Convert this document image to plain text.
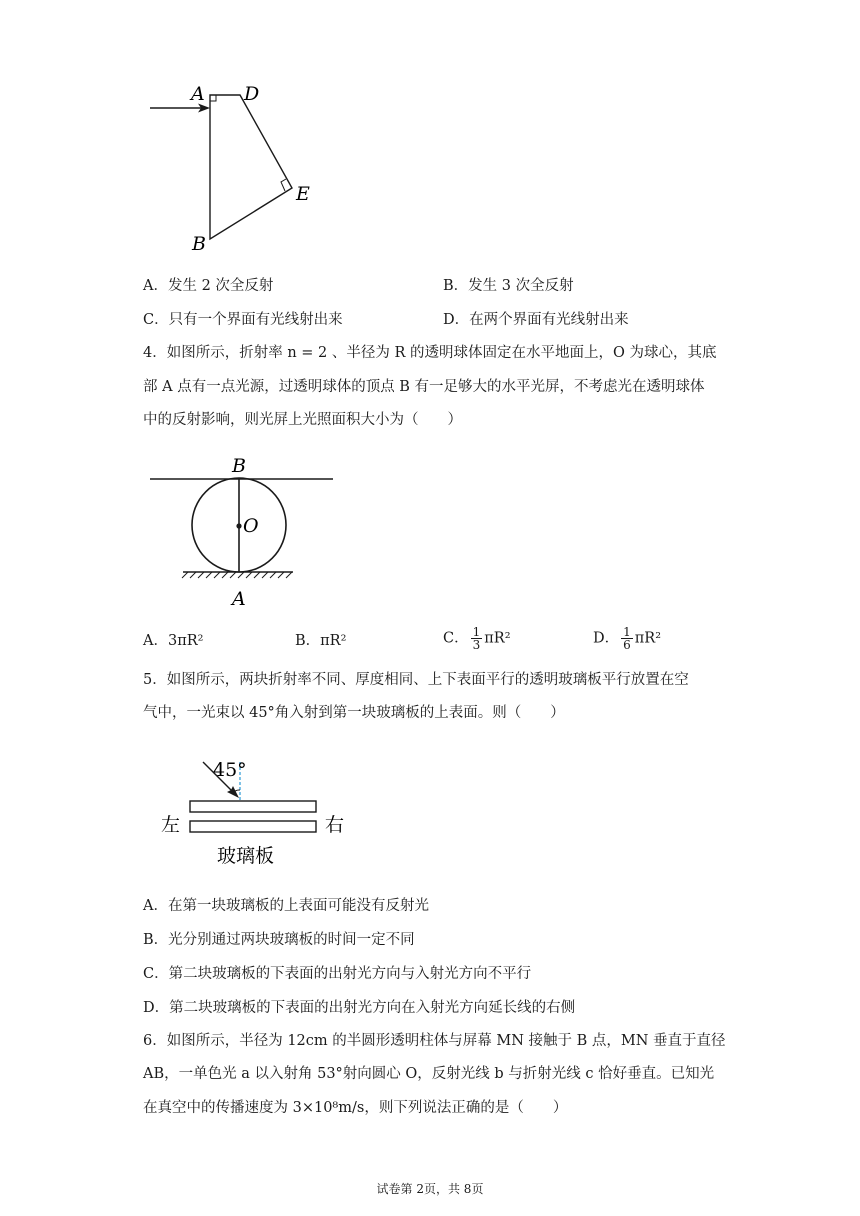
A D
E
B
A．发生 2 次全反射	B．发生 3 次全反射
C．只有一个界面有光线射出来	D．在两个界面有光线射出来
4．如图所示，折射率 n = 2 、半径为 R 的透明球体固定在水平地面上，O 为球心，其底
部 A 点有一点光源，过透明球体的顶点 B 有一足够大的水平光屏，不考虑光在透明球体
中的反射影响，则光屏上光照面积大小为（　　）
B
O
A
A．3πR²	B．πR²	C． $\frac{1}{3} \pi R^2$	D． $\frac{1}{6} \pi R^2$
5．如图所示，两块折射率不同、厚度相同、上下表面平行的透明玻璃板平行放置在空
气中，一光束以 45°角入射到第一块玻璃板的上表面。则（　　）
45°
左	右
玻璃板
A．在第一块玻璃板的上表面可能没有反射光
B．光分别通过两块玻璃板的时间一定不同
C．第二块玻璃板的下表面的出射光方向与入射光方向不平行
D．第二块玻璃板的下表面的出射光方向在入射光方向延长线的右侧
6．如图所示，半径为 12cm 的半圆形透明柱体与屏幕 MN 接触于 B 点，MN 垂直于直径
AB，一单色光 a 以入射角 53°射向圆心 O，反射光线 b 与折射光线 c 恰好垂直。已知光
在真空中的传播速度为 3×10⁸m/s，则下列说法正确的是（　　）
试卷第 2页，共 8页
